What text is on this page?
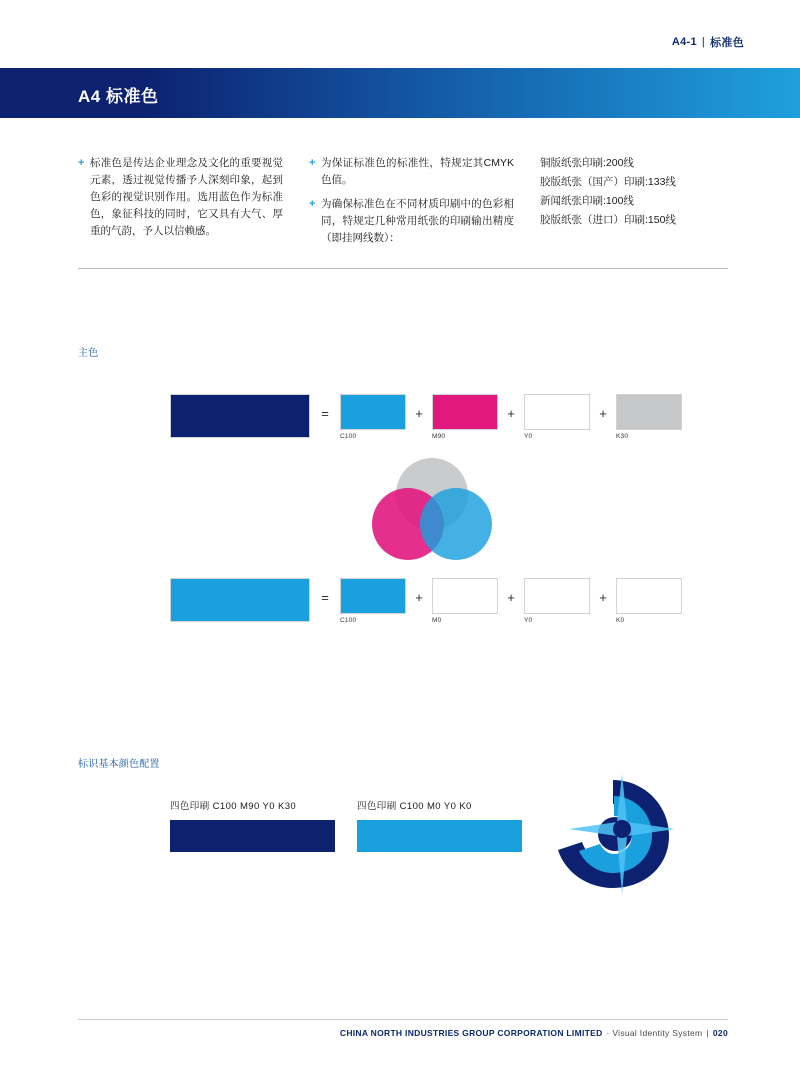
A4-1 | 标准色
A4 标准色
+ 标准色是传达企业理念及文化的重要视觉元素，透过视觉传播予人深刻印象，起到色彩的视觉识别作用。选用蓝色作为标准色，象征科技的同时，它又具有大气、厚重的气韵，予人以信赖感。
+ 为保证标准色的标准性，特规定其CMYK色值。
+ 为确保标准色在不同材质印刷中的色彩相同，特规定几种常用纸张的印刷输出精度（即挂网线数）：
铜版纸张印刷:200线
胶版纸张（国产）印刷:133线
新闻纸张印刷:100线
胶版纸张（进口）印刷:150线
主色
=
C100
+
M90
+
Y0
+
K30
=
C100
+
M0
+
Y0
+
K0
标识基本颜色配置
四色印刷 C100 M90 Y0 K30	四色印刷 C100 M0 Y0 K0
CHINA NORTH INDUSTRIES GROUP CORPORATION LIMITED · Visual Identity System | 020
